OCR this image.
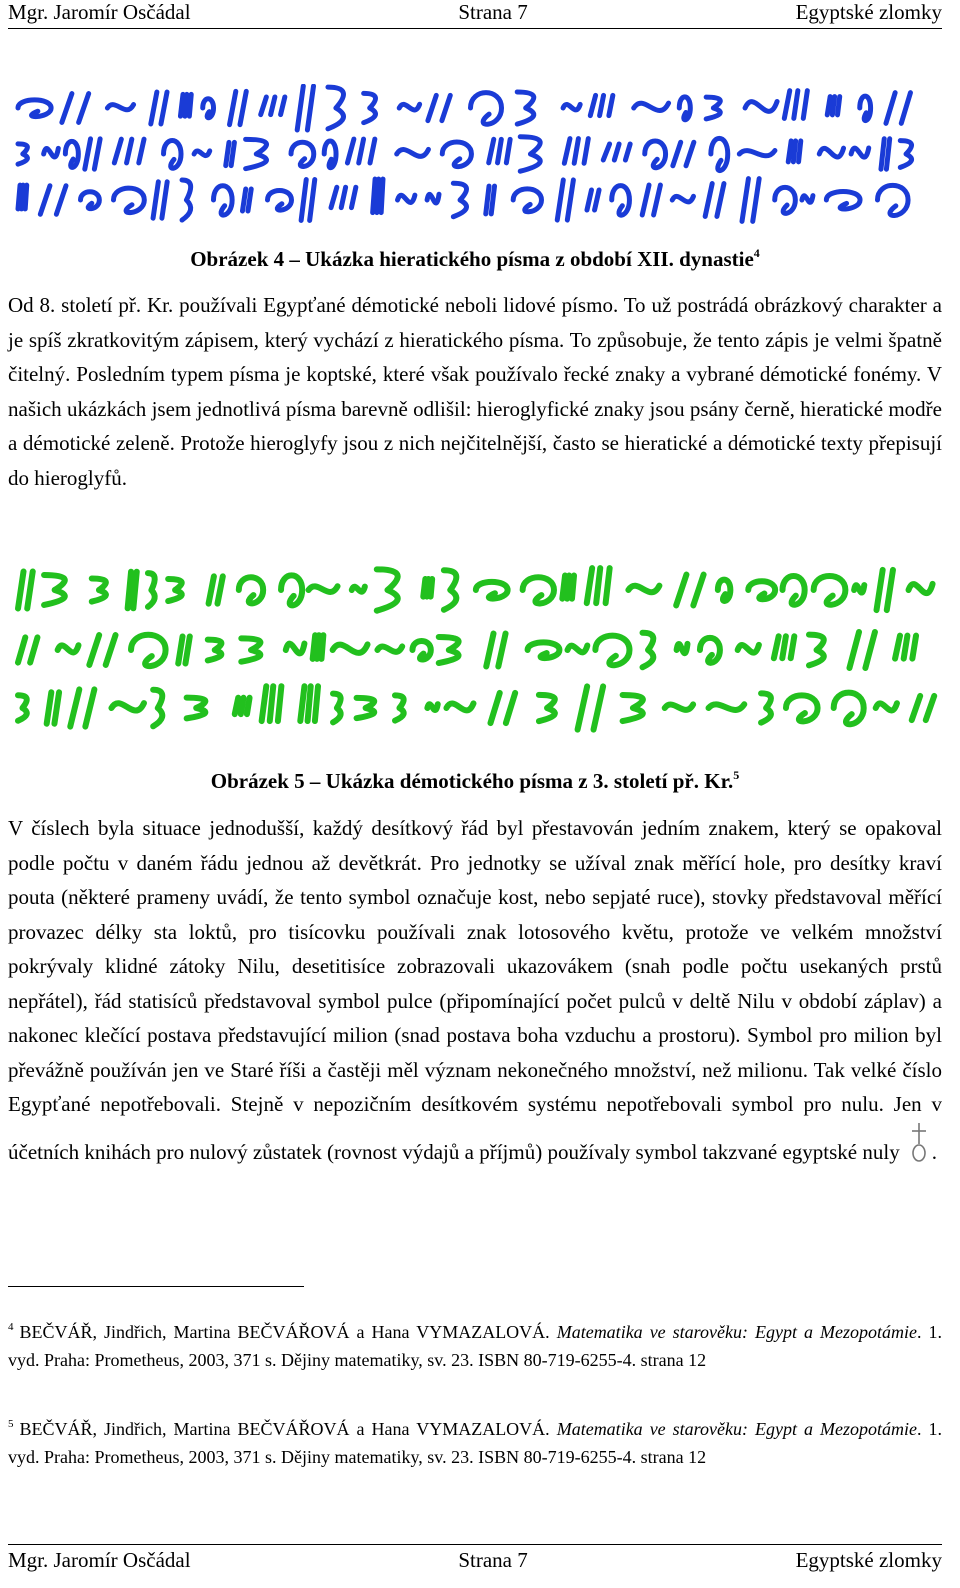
Mgr. Jaromír Osčádal	Strana 7	Egyptské zlomky
Obrázek 4 – Ukázka hieratického písma z období XII. dynastie$^4$
Od 8. století př. Kr. používali Egypťané démotické neboli lidové písmo. To už postrádá obrázkový charakter a je spíš zkratkovitým zápisem, který vychází z hieratického písma. To způsobuje, že tento zápis je velmi špatně čitelný. Posledním typem písma je koptské, které však používalo řecké znaky a vybrané démotické fonémy. V našich ukázkách jsem jednotlivá písma barevně odlišil: hieroglyfické znaky jsou psány černě, hieratické modře a démotické zeleně. Protože hieroglyfy jsou z nich nejčitelnější, často se hieratické a démotické texty přepisují do hieroglyfů.
Obrázek 5 – Ukázka démotického písma z 3. století př. Kr.$^5$
V číslech byla situace jednodušší, každý desítkový řád byl přestavován jedním znakem, který se opakoval podle počtu v daném řádu jednou až devětkrát. Pro jednotky se užíval znak měřící hole, pro desítky kraví pouta (některé prameny uvádí, že tento symbol označuje kost, nebo sepjaté ruce), stovky představoval měřící provazec délky sta loktů, pro tisícovku používali znak lotosového květu, protože ve velkém množství pokrývaly klidné zátoky Nilu, desetitisíce zobrazovali ukazovákem (snah podle počtu usekaných prstů nepřátel), řád statisíců představoval symbol pulce (připomínající počet pulců v deltě Nilu v období záplav) a nakonec klečící postava představující milion (snad postava boha vzduchu a prostoru). Symbol pro milion byl převážně používán jen ve Staré říši a častěji měl význam nekonečného množství, než milionu. Tak velké číslo Egypťané nepotřebovali. Stejně v nepozičním desítkovém systému nepotřebovali symbol pro nulu. Jen v účetních knihách pro nulový zůstatek (rovnost výdajů a příjmů) používaly symbol takzvané egyptské nuly .
$^4$ BEČVÁŘ, Jindřich, Martina BEČVÁŘOVÁ a Hana VYMAZALOVÁ. Matematika ve starověku: Egypt a Mezopotámie. 1. vyd. Praha: Prometheus, 2003, 371 s. Dějiny matematiky, sv. 23. ISBN 80-719-6255-4. strana 12
$^5$ BEČVÁŘ, Jindřich, Martina BEČVÁŘOVÁ a Hana VYMAZALOVÁ. Matematika ve starověku: Egypt a Mezopotámie. 1. vyd. Praha: Prometheus, 2003, 371 s. Dějiny matematiky, sv. 23. ISBN 80-719-6255-4. strana 12
Mgr. Jaromír Osčádal	Strana 7	Egyptské zlomky
